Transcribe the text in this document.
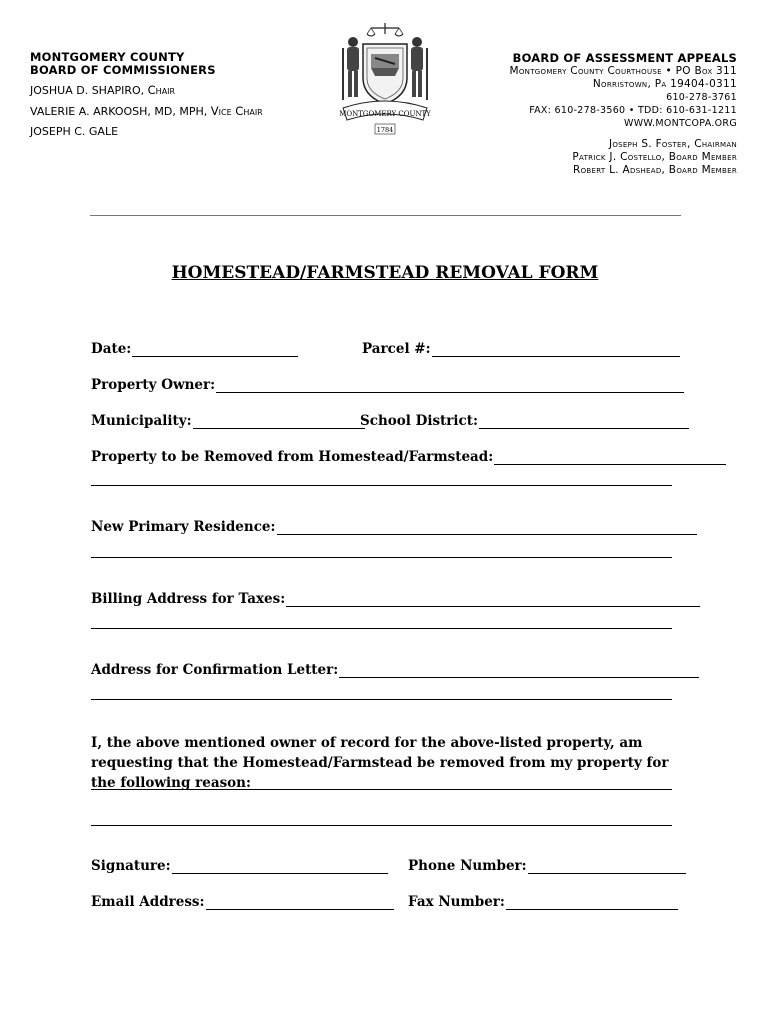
MONTGOMERY COUNTY
BOARD OF COMMISSIONERS
JOSHUA D. SHAPIRO, Chair
VALERIE A. ARKOOSH, MD, MPH, Vice Chair
JOSEPH C. GALE
MONTGOMERY COUNTY
1784
BOARD OF ASSESSMENT APPEALS
Montgomery County Courthouse • PO Box 311
Norristown, Pa 19404-0311
610-278-3761
FAX: 610-278-3560 • TDD: 610-631-1211
WWW.MONTCOPA.ORG
Joseph S. Foster, Chairman
Patrick J. Costello, Board Member
Robert L. Adshead, Board Member
HOMESTEAD/FARMSTEAD REMOVAL FORM
Date:	Parcel #:
Property Owner:
Municipality:	School District:
Property to be Removed from Homestead/Farmstead:
New Primary Residence:
Billing Address for Taxes:
Address for Confirmation Letter:
I, the above mentioned owner of record for the above-listed property, am requesting that the Homestead/Farmstead be removed from my property for the following reason:
Signature:	Phone Number:
Email Address:	Fax Number:
